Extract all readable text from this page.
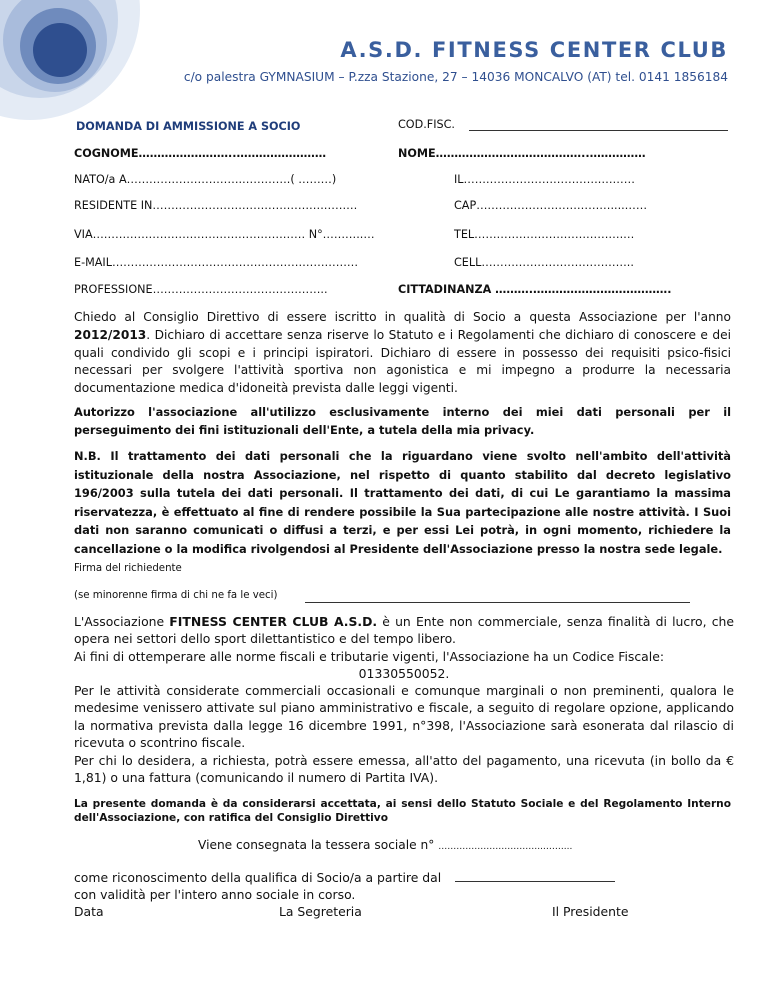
A.S.D. FITNESS CENTER CLUB
c/o palestra GYMNASIUM – P.zza Stazione, 27 – 14036 MONCALVO (AT) tel. 0141 1856184
DOMANDA DI AMMISSIONE A SOCIO	COD.FISC.
COGNOME……………………..……………………	NOME…………………………………..……………
NATO/a A………………………….………….( ………)	IL……………………………….………
RESIDENTE IN……………………………………….………	CAP………………………………....……
VIA………………………………………………… N°………..…	TEL………………………………….…
E-MAIL…………………………………………………………	CELL…………………………………..
PROFESSIONE………………………………………..	CITTADINANZA ……….……………………………….
Chiedo al Consiglio Direttivo di essere iscritto in qualità di Socio a questa Associazione per l'anno 2012/2013. Dichiaro di accettare senza riserve lo Statuto e i Regolamenti che dichiaro di conoscere e dei quali condivido gli scopi e i principi ispiratori. Dichiaro di essere in possesso dei requisiti psico-fisici necessari per svolgere l'attività sportiva non agonistica e mi impegno a produrre la necessaria documentazione medica d'idoneità prevista dalle leggi vigenti.
Autorizzo l'associazione all'utilizzo esclusivamente interno dei miei dati personali per il perseguimento dei fini istituzionali dell'Ente, a tutela della mia privacy.
N.B. Il trattamento dei dati personali che la riguardano viene svolto nell'ambito dell'attività istituzionale della nostra Associazione, nel rispetto di quanto stabilito dal decreto legislativo 196/2003 sulla tutela dei dati personali. Il trattamento dei dati, di cui Le garantiamo la massima riservatezza, è effettuato al fine di rendere possibile la Sua partecipazione alle nostre attività. I Suoi dati non saranno comunicati o diffusi a terzi, e per essi Lei potrà, in ogni momento, richiedere la cancellazione o la modifica rivolgendosi al Presidente dell'Associazione presso la nostra sede legale.
Firma del richiedente
(se minorenne firma di chi ne fa le veci)
L'Associazione FITNESS CENTER CLUB A.S.D. è un Ente non commerciale, senza finalità di lucro, che opera nei settori dello sport dilettantistico e del tempo libero.
Ai fini di ottemperare alle norme fiscali e tributarie vigenti, l'Associazione ha un Codice Fiscale:
01330550052.
Per le attività considerate commerciali occasionali e comunque marginali o non preminenti, qualora le medesime venissero attivate sul piano amministrativo e fiscale, a seguito di regolare opzione, applicando la normativa prevista dalla legge 16 dicembre 1991, n°398, l'Associazione sarà esonerata dal rilascio di ricevuta o scontrino fiscale.
Per chi lo desidera, a richiesta, potrà essere emessa, all'atto del pagamento, una ricevuta (in bollo da € 1,81) o una fattura (comunicando il numero di Partita IVA).
La presente domanda è da considerarsi accettata, ai sensi dello Statuto Sociale e del Regolamento Interno dell'Associazione, con ratifica del Consiglio Direttivo
Viene consegnata la tessera sociale n° ……………………………..……....
come riconoscimento della qualifica di Socio/a a partire dal
con validità per l'intero anno sociale in corso.
Data	La Segreteria	Il Presidente
